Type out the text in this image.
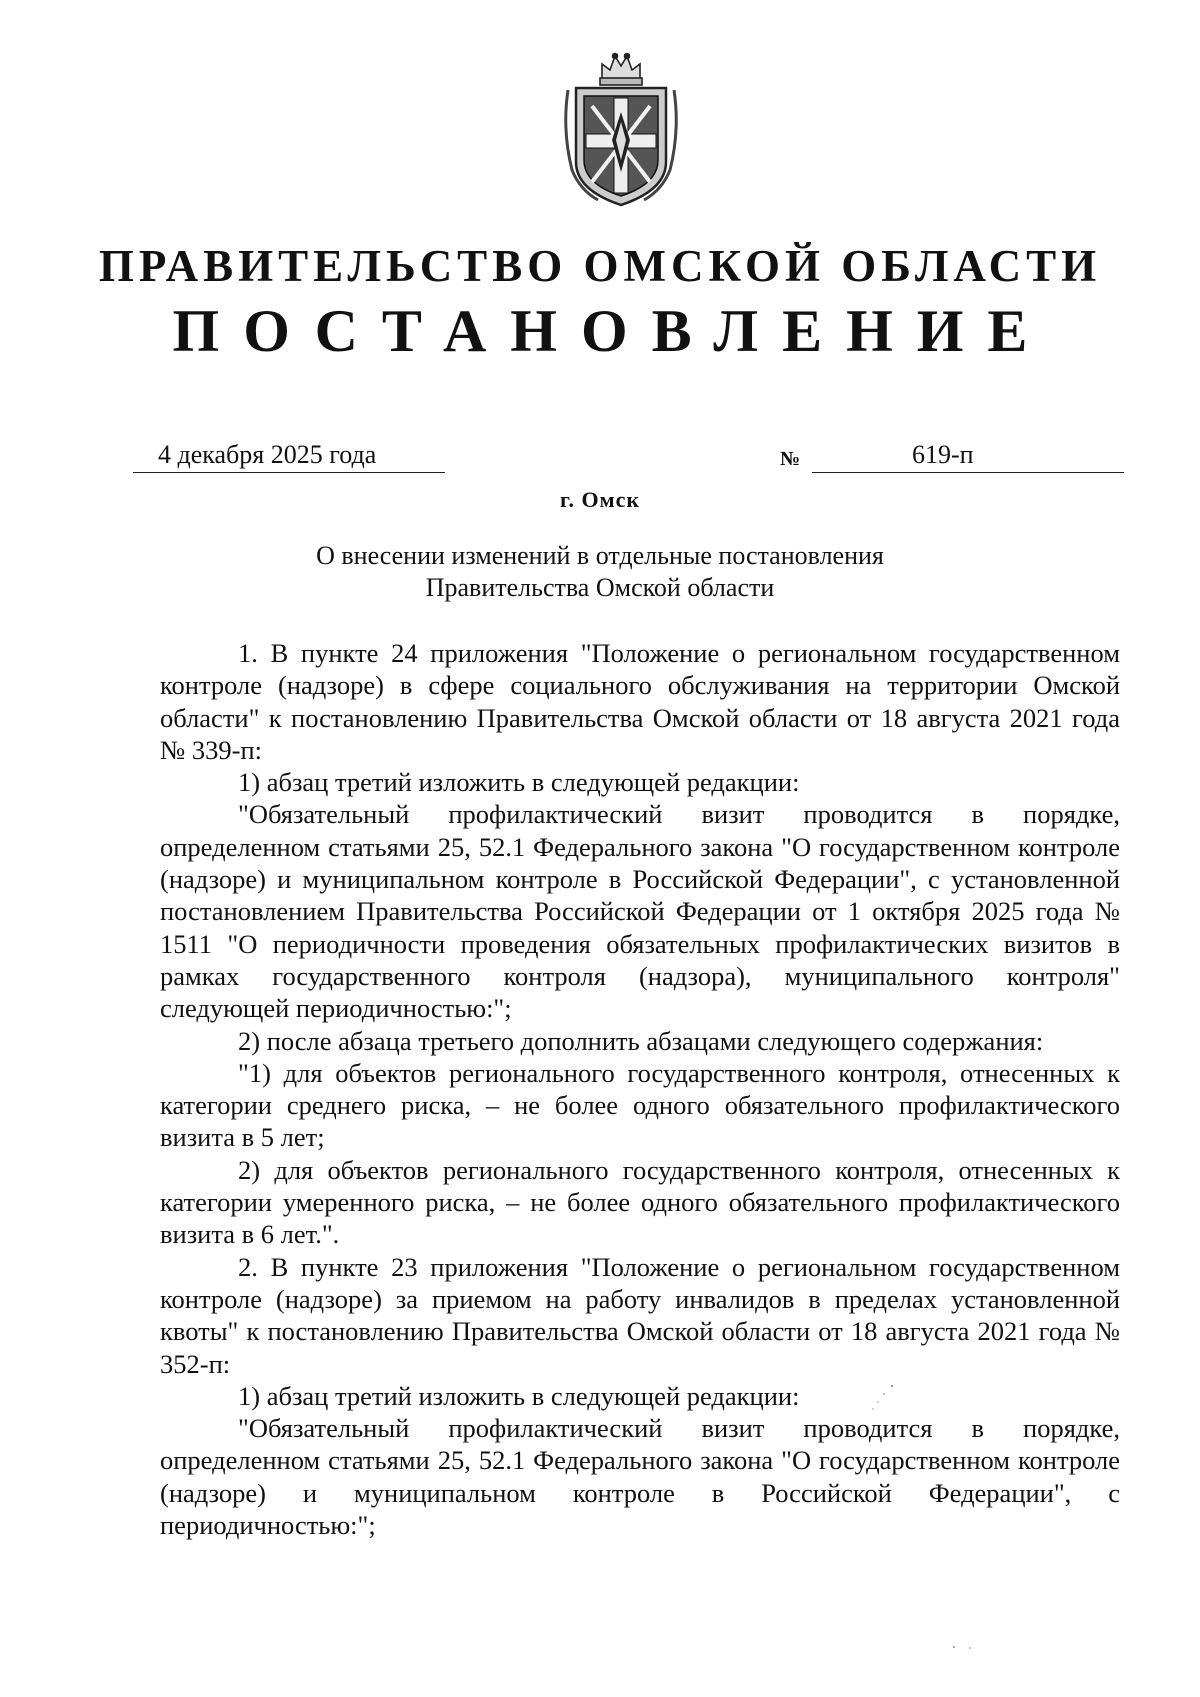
ПРАВИТЕЛЬСТВО ОМСКОЙ ОБЛАСТИ
ПОСТАНОВЛЕНИЕ
4 декабря 2025 года	№	619-п
г. Омск
О внесении изменений в отдельные постановления
Правительства Омской области

1. В пункте 24 приложения "Положение о региональном государственном контроле (надзоре) в сфере социального обслуживания на территории Омской области" к постановлению Правительства Омской области от 18 августа 2021 года № 339-п:

1) абзац третий изложить в следующей редакции:

"Обязательный профилактический визит проводится в порядке, определенном статьями 25, 52.1 Федерального закона "О государственном контроле (надзоре) и муниципальном контроле в Российской Федерации", с установленной постановлением Правительства Российской Федерации от 1 октября 2025 года № 1511 "О периодичности проведения обязательных профилактических визитов в рамках государственного контроля (надзора), муниципального контроля" следующей периодичностью:";

2) после абзаца третьего дополнить абзацами следующего содержания:

"1) для объектов регионального государственного контроля, отнесенных к категории среднего риска, – не более одного обязательного профилактического визита в 5 лет;

2) для объектов регионального государственного контроля, отнесенных к категории умеренного риска, – не более одного обязательного профилактического визита в 6 лет.".

2. В пункте 23 приложения "Положение о региональном государственном контроле (надзоре) за приемом на работу инвалидов в пределах установленной квоты" к постановлению Правительства Омской области от 18 августа 2021 года № 352-п:

1) абзац третий изложить в следующей редакции:

"Обязательный профилактический визит проводится в порядке, определенном статьями 25, 52.1 Федерального закона "О государственном контроле (надзоре) и муниципальном контроле в Российской Федерации", с периодичностью:";
